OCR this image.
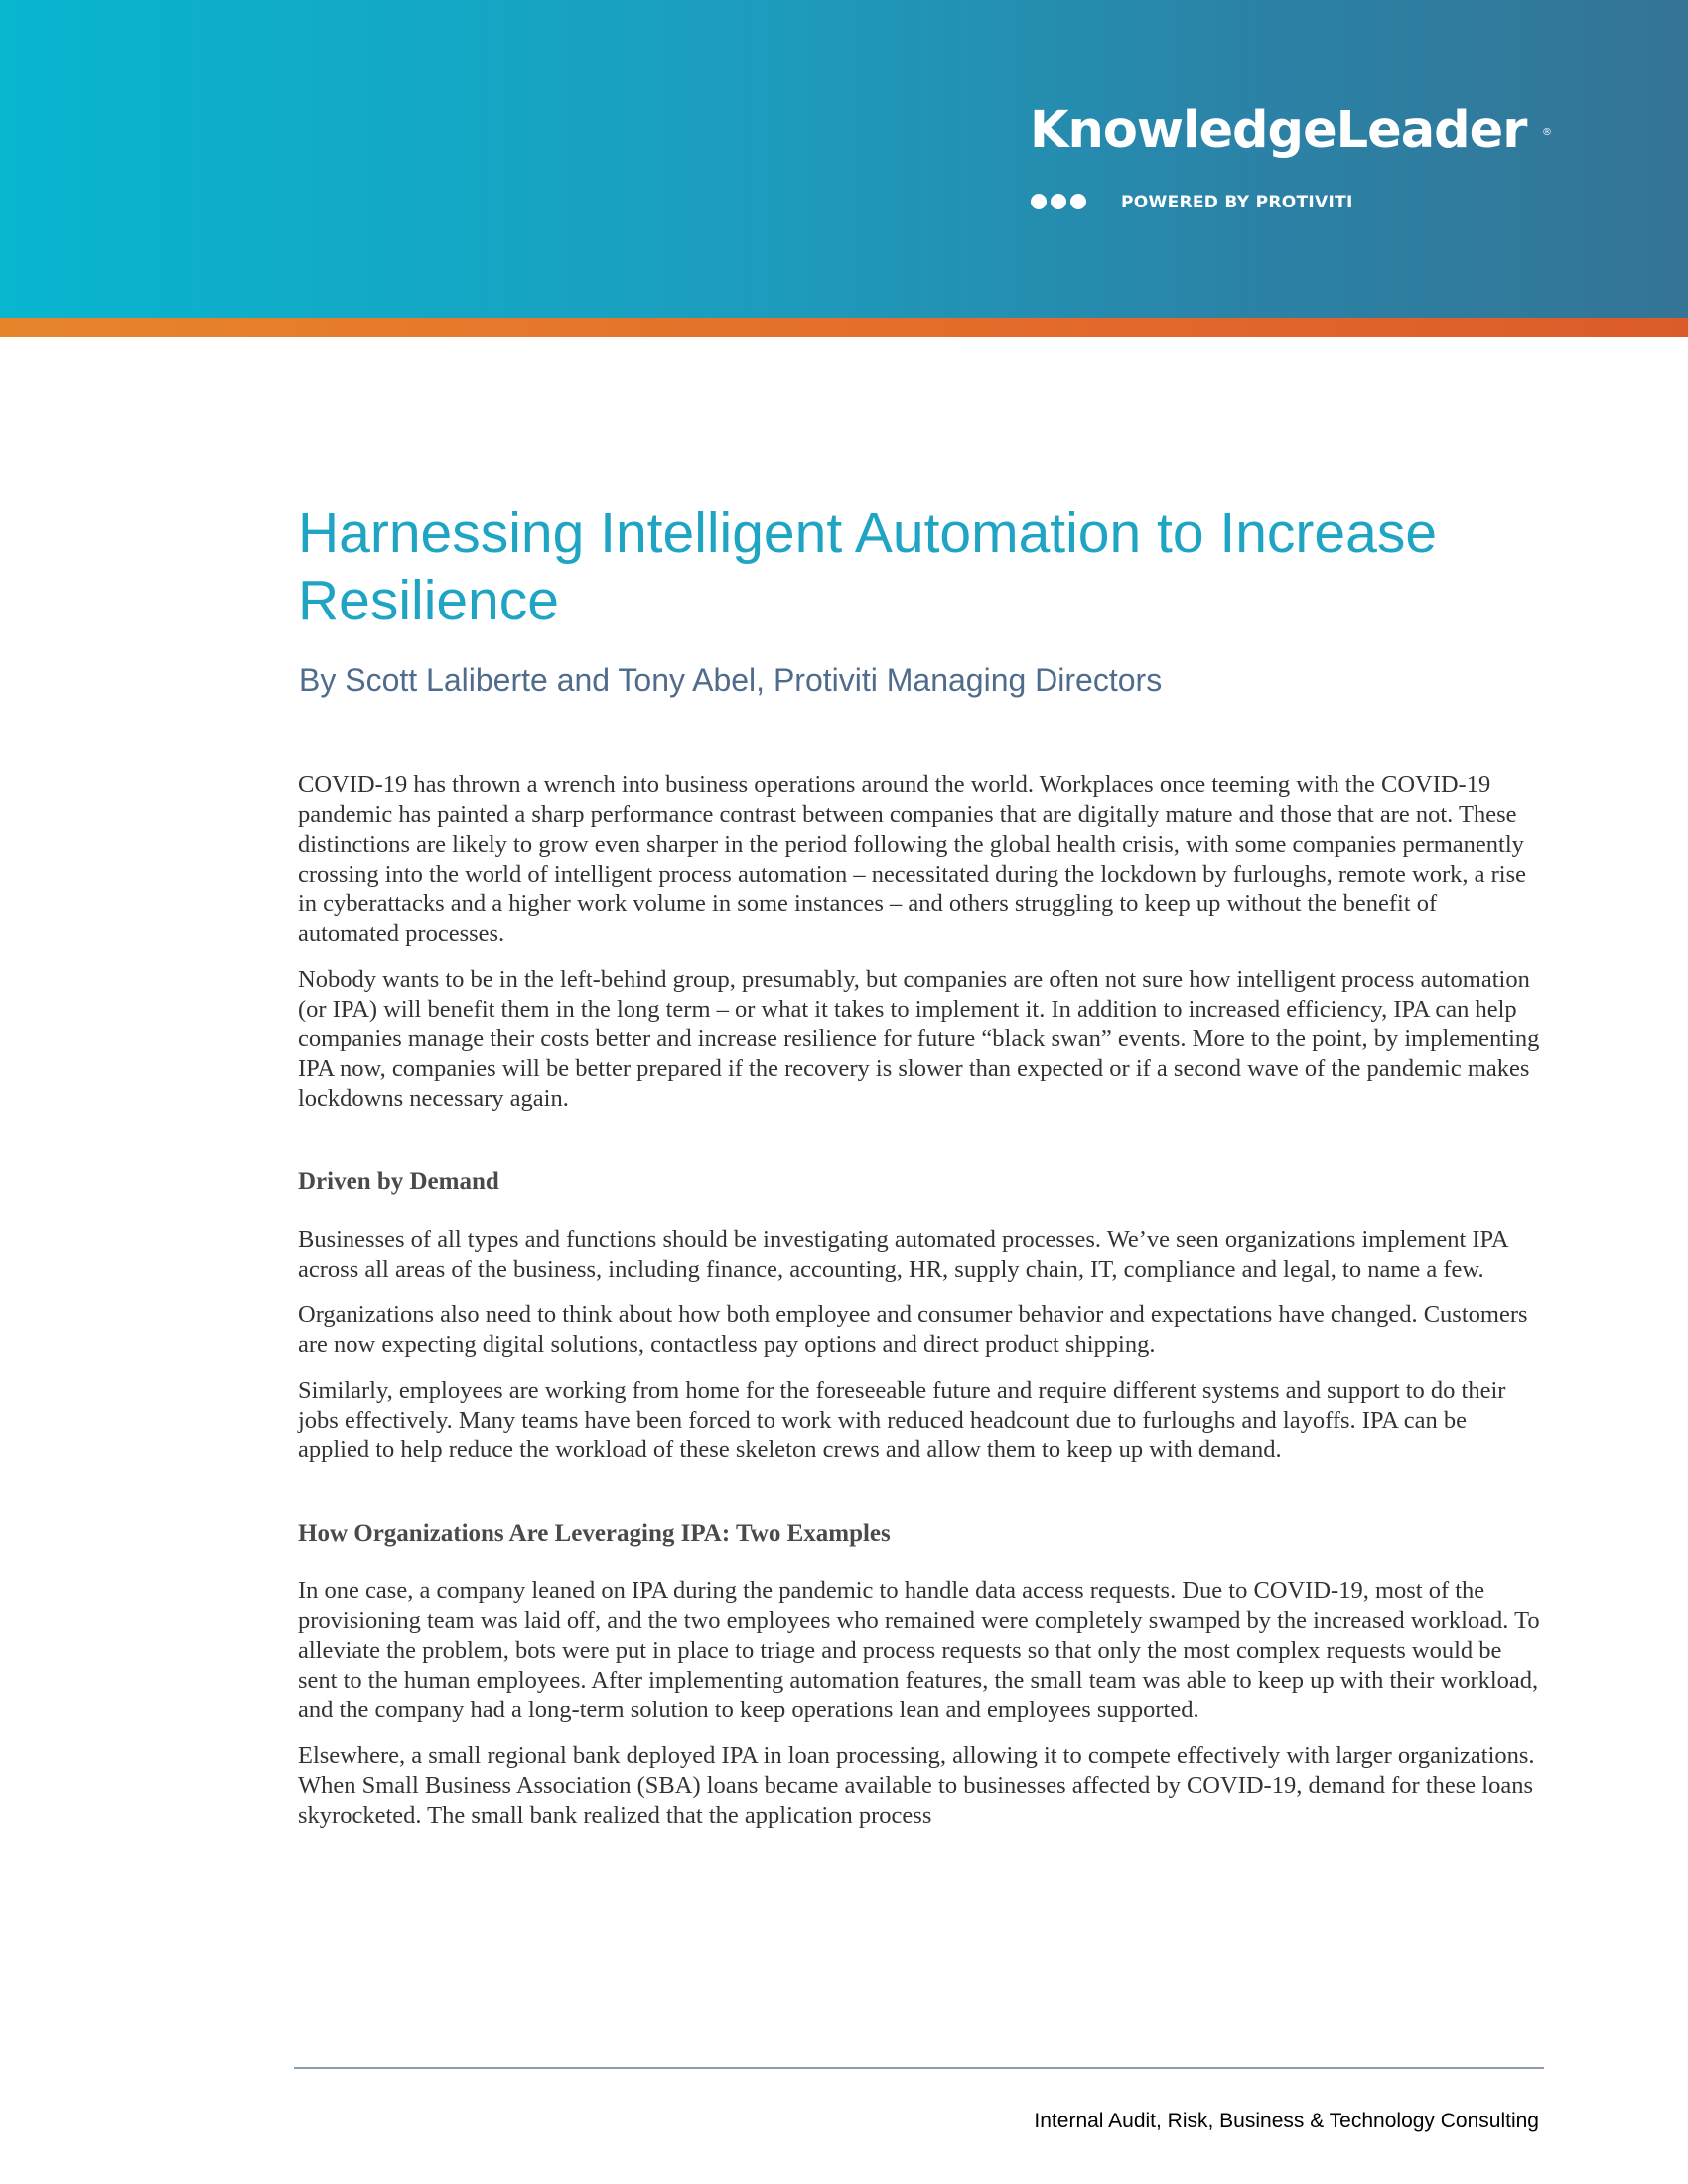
KnowledgeLeader ®
POWERED BY PROTIVITI
Harnessing Intelligent Automation to Increase Resilience

By Scott Laliberte and Tony Abel, Protiviti Managing Directors

COVID-19 has thrown a wrench into business operations around the world. Workplaces once teeming with the COVID-19 pandemic has painted a sharp performance contrast between companies that are digitally mature and those that are not. These distinctions are likely to grow even sharper in the period following the global health crisis, with some companies permanently crossing into the world of intelligent process automation – necessitated during the lockdown by furloughs, remote work, a rise in cyberattacks and a higher work volume in some instances – and others struggling to keep up without the benefit of automated processes.

Nobody wants to be in the left-behind group, presumably, but companies are often not sure how intelligent process automation (or IPA) will benefit them in the long term – or what it takes to implement it. In addition to increased efficiency, IPA can help companies manage their costs better and increase resilience for future “black swan” events. More to the point, by implementing IPA now, companies will be better prepared if the recovery is slower than expected or if a second wave of the pandemic makes lockdowns necessary again.

Driven by Demand

Businesses of all types and functions should be investigating automated processes. We’ve seen organizations implement IPA across all areas of the business, including finance, accounting, HR, supply chain, IT, compliance and legal, to name a few.

Organizations also need to think about how both employee and consumer behavior and expectations have changed. Customers are now expecting digital solutions, contactless pay options and direct product shipping.

Similarly, employees are working from home for the foreseeable future and require different systems and support to do their jobs effectively. Many teams have been forced to work with reduced headcount due to furloughs and layoffs. IPA can be applied to help reduce the workload of these skeleton crews and allow them to keep up with demand.

How Organizations Are Leveraging IPA: Two Examples

In one case, a company leaned on IPA during the pandemic to handle data access requests. Due to COVID-19, most of the provisioning team was laid off, and the two employees who remained were completely swamped by the increased workload. To alleviate the problem, bots were put in place to triage and process requests so that only the most complex requests would be sent to the human employees. After implementing automation features, the small team was able to keep up with their workload, and the company had a long-term solution to keep operations lean and employees supported.

Elsewhere, a small regional bank deployed IPA in loan processing, allowing it to compete effectively with larger organizations. When Small Business Association (SBA) loans became available to businesses affected by COVID-19, demand for these loans skyrocketed. The small bank realized that the application process

Internal Audit, Risk, Business & Technology Consulting
